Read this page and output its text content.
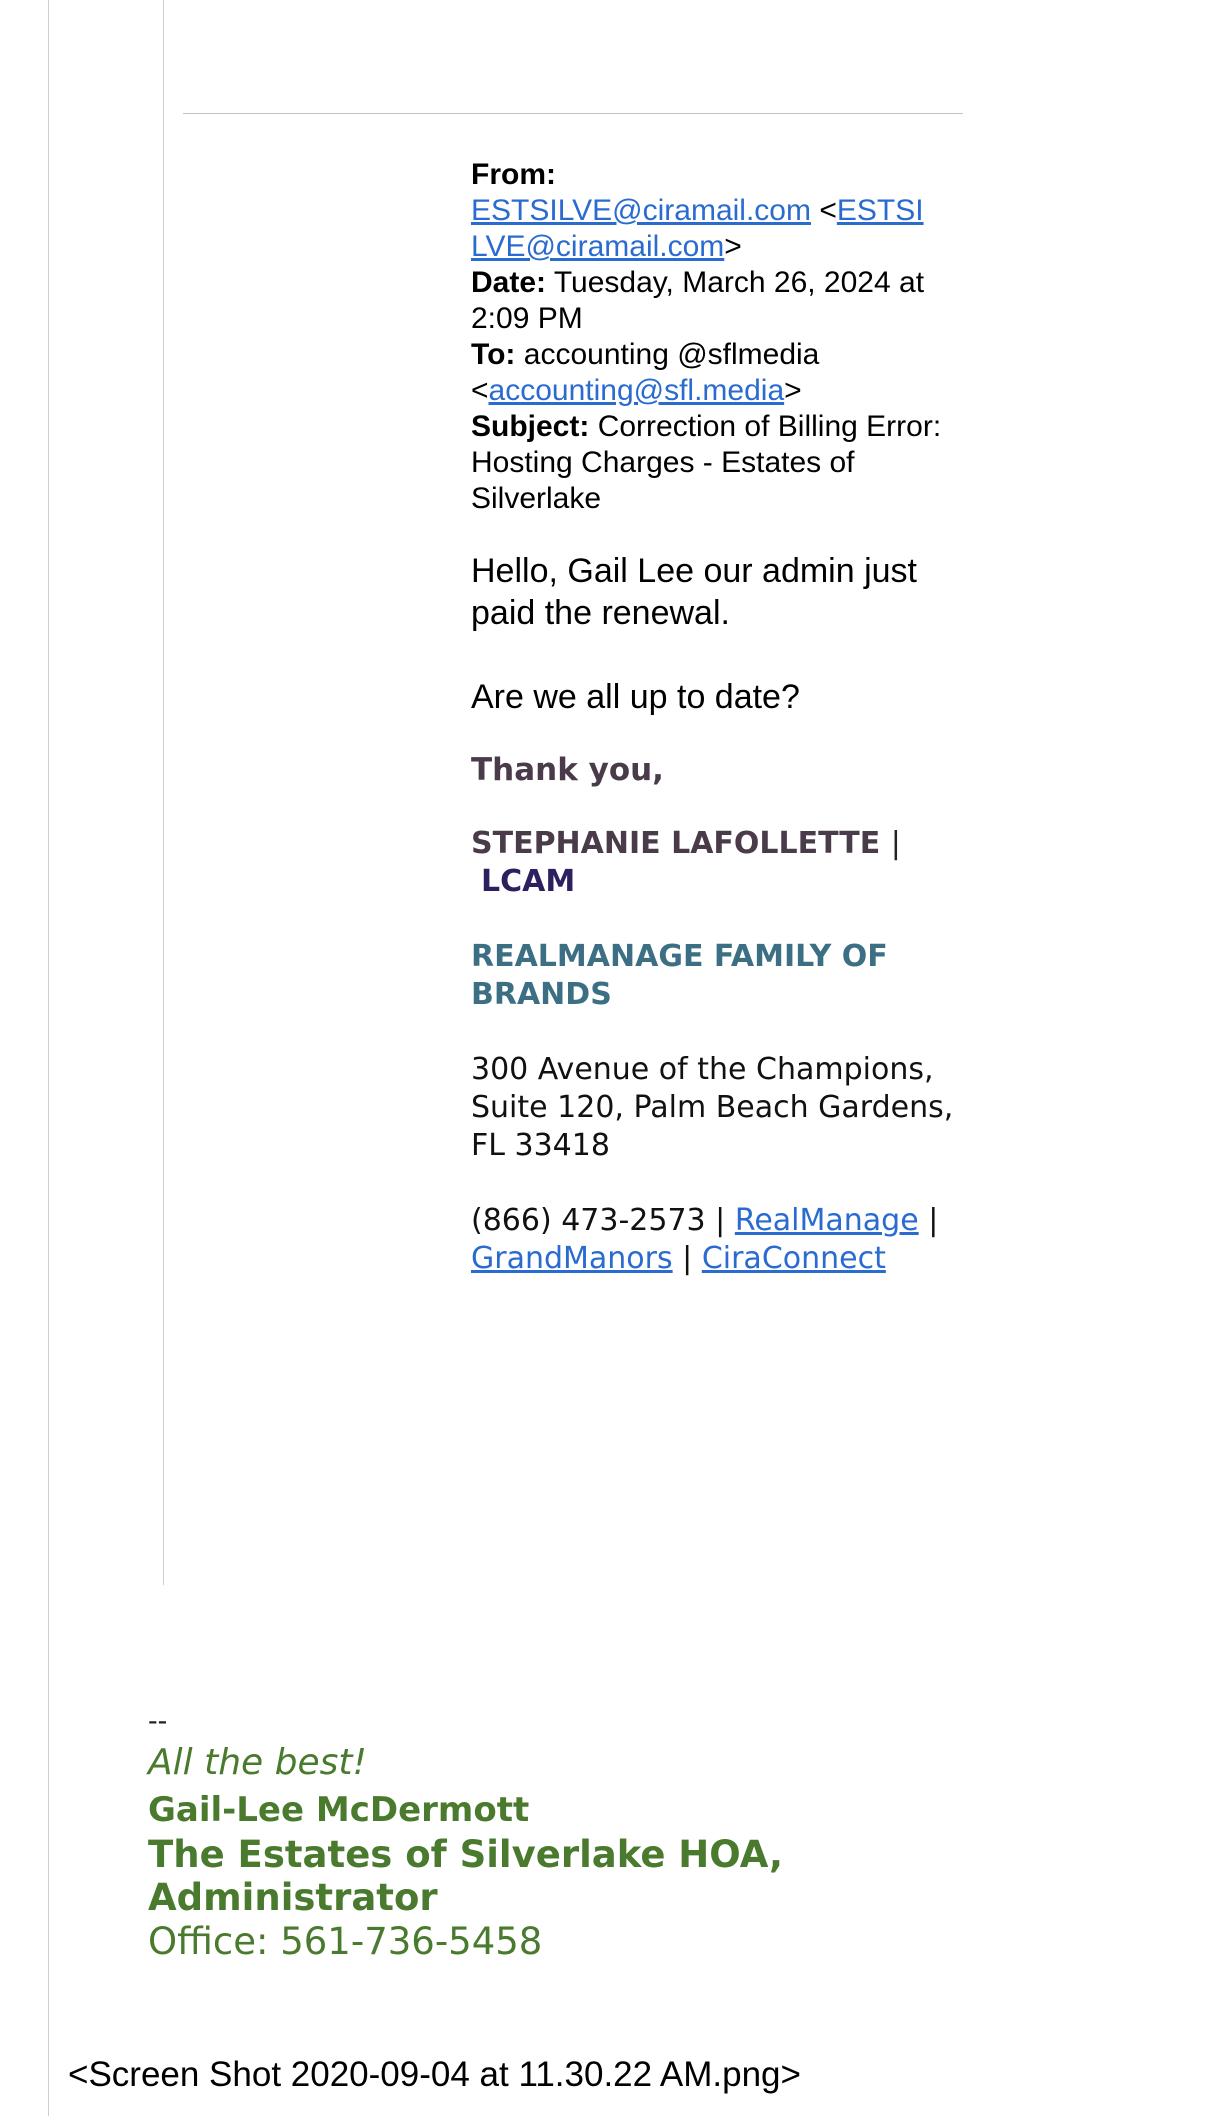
From:
ESTSILVE@ciramail.com <ESTSI
LVE@ciramail.com>
Date: Tuesday, March 26, 2024 at 2:09 PM
To: accounting @sflmedia
<accounting@sfl.media>
Subject: Correction of Billing Error: Hosting Charges - Estates of Silverlake
Hello, Gail Lee our admin just paid the renewal.
Are we all up to date?
Thank you,
STEPHANIE LAFOLLETTE |
LCAM
REALMANAGE FAMILY OF BRANDS
300 Avenue of the Champions, Suite 120, Palm Beach Gardens, FL 33418
(866) 473-2573 | RealManage | GrandManors | CiraConnect
--
All the best!
Gail-Lee McDermott
The Estates of Silverlake HOA,
Administrator
Office: 561-736-5458
<Screen Shot 2020-09-04 at 11.30.22 AM.png>
